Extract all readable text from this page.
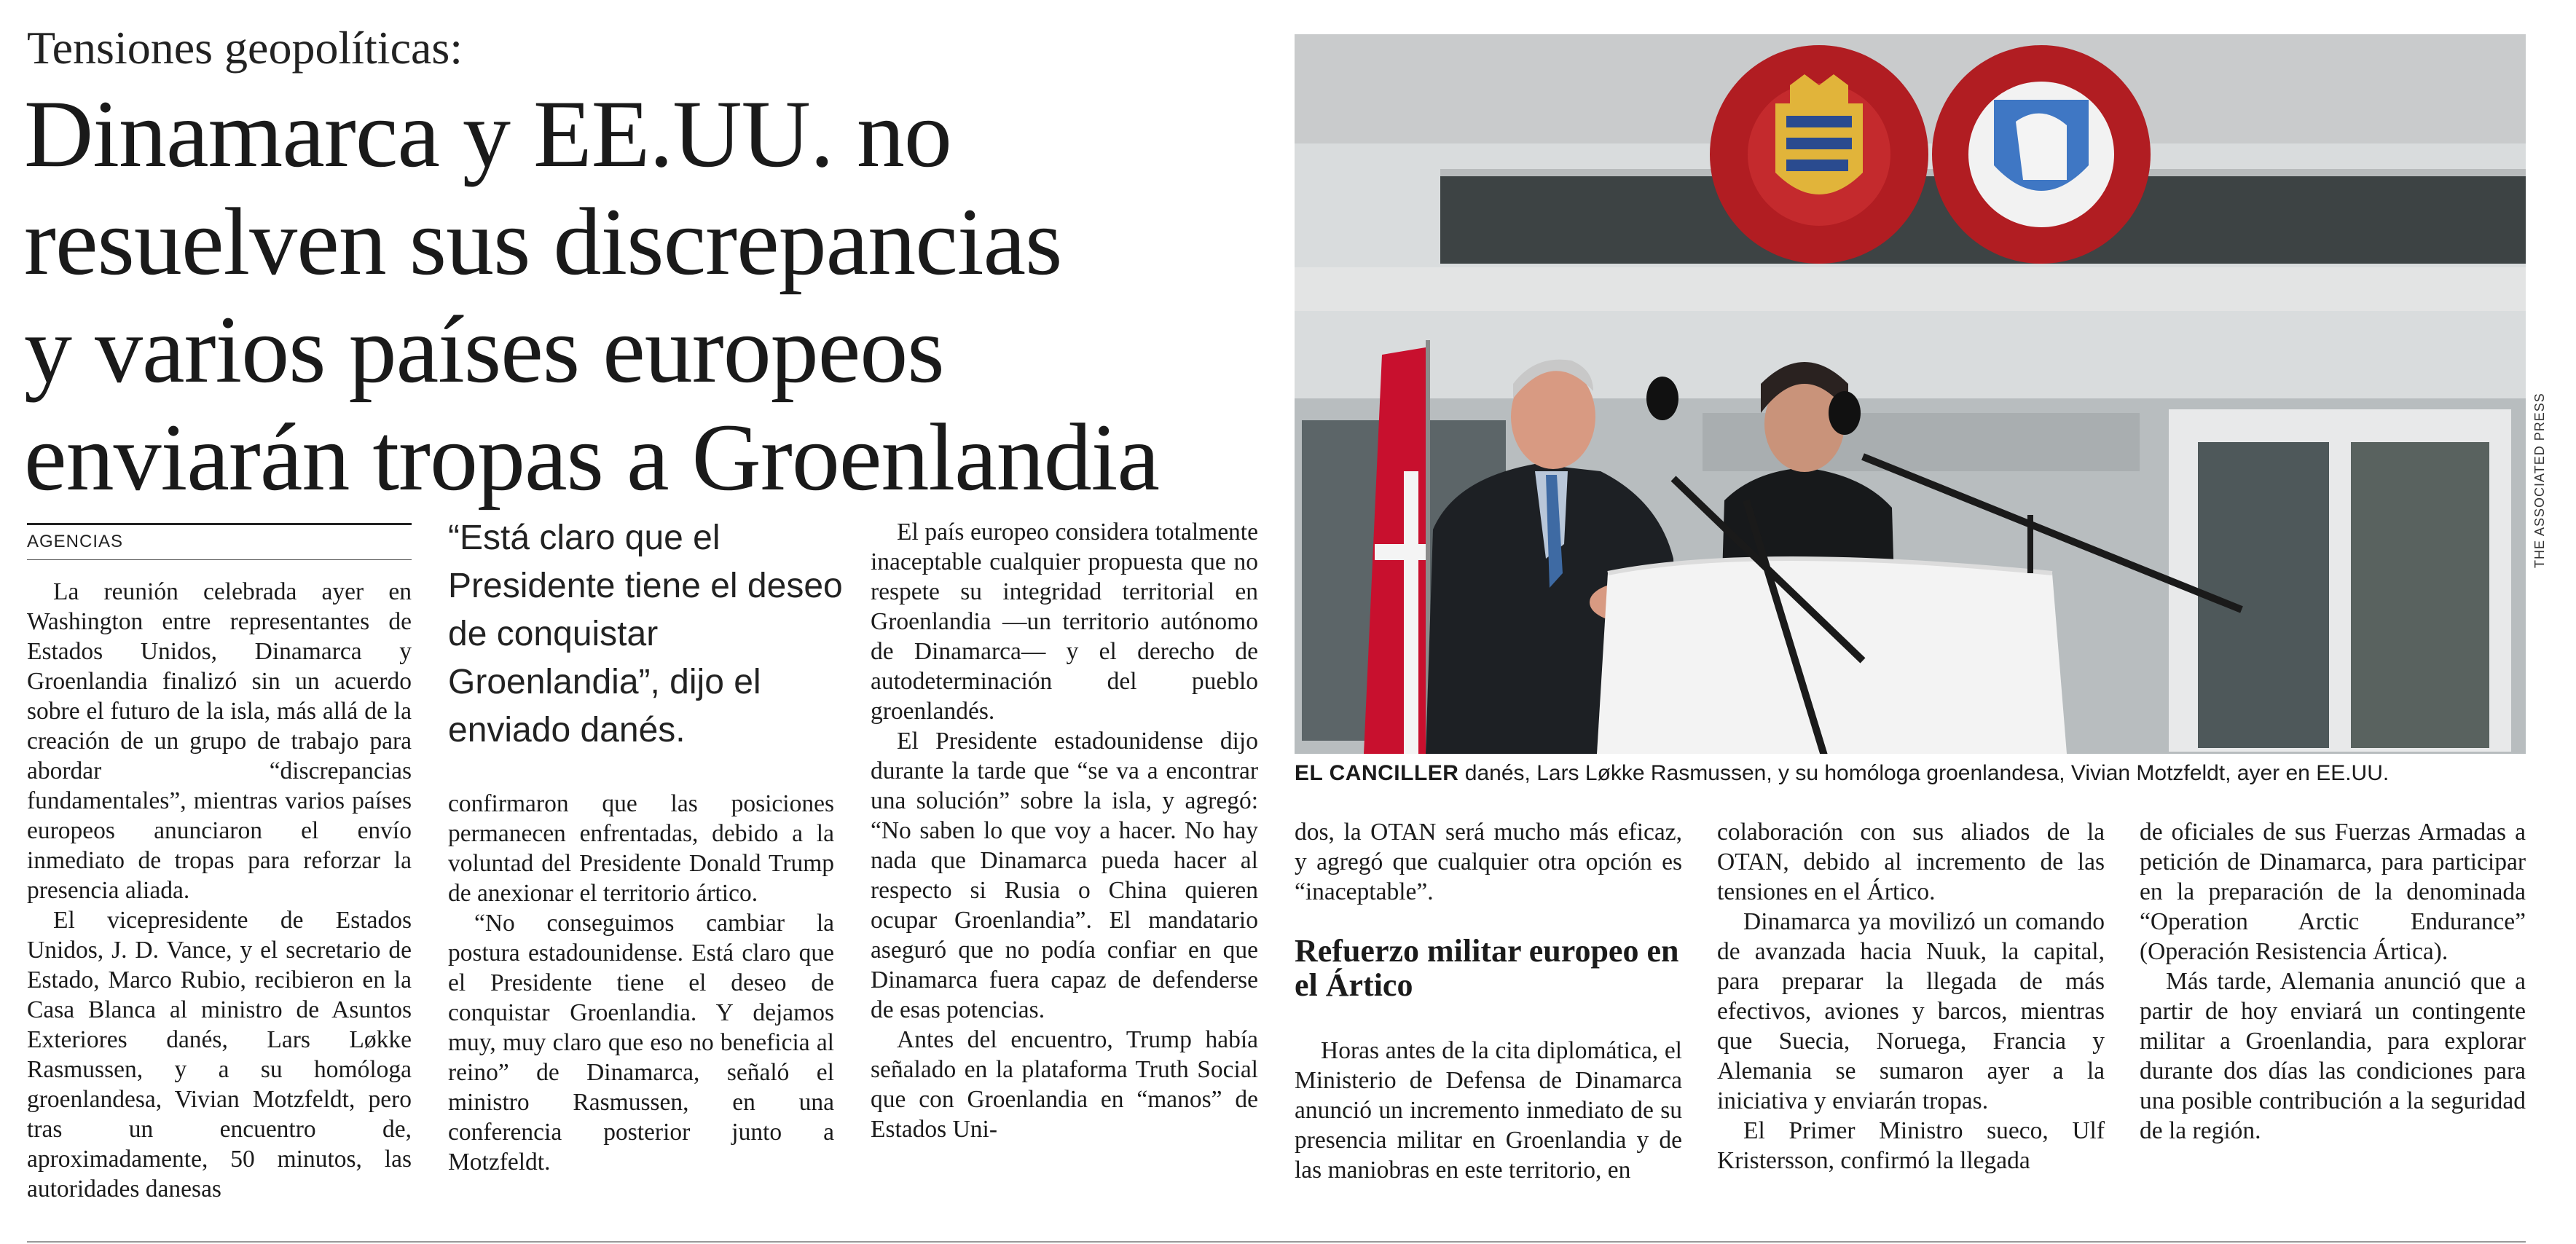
Tensiones geopolíticas:
Dinamarca y EE.UU. no
resuelven sus discrepancias
y varios países europeos
enviarán tropas a Groenlandia
AGENCIAS

La reunión celebrada ayer en Washington entre representantes de Estados Unidos, Dinamarca y Groenlandia finalizó sin un acuerdo sobre el futuro de la isla, más allá de la creación de un grupo de trabajo para abordar “discrepancias fundamentales”, mientras varios países europeos anunciaron el envío inmediato de tropas para reforzar la presencia aliada.

El vicepresidente de Estados Unidos, J. D. Vance, y el secretario de Estado, Marco Rubio, recibieron en la Casa Blanca al ministro de Asuntos Exteriores danés, Lars Løkke Rasmussen, y a su homóloga groenlandesa, Vivian Motzfeldt, pero tras un encuentro de, aproximadamente, 50 minutos, las autoridades danesas

“Está claro que el Presidente tiene el deseo de conquistar Groenlandia”, dijo el enviado danés.

confirmaron que las posiciones permanecen enfrentadas, debido a la voluntad del Presidente Donald Trump de anexionar el territorio ártico.

“No conseguimos cambiar la postura estadounidense. Está claro que el Presidente tiene el deseo de conquistar Groenlandia. Y dejamos muy, muy claro que eso no beneficia al reino” de Dinamarca, señaló el ministro Rasmussen, en una conferencia posterior junto a Motzfeldt.

El país europeo considera totalmente inaceptable cualquier propuesta que no respete su integridad territorial en Groenlandia —un territorio autónomo de Dinamarca— y el derecho de autodeterminación del pueblo groenlandés.

El Presidente estadounidense dijo durante la tarde que “se va a encontrar una solución” sobre la isla, y agregó: “No saben lo que voy a hacer. No hay nada que Dinamarca pueda hacer al respecto si Rusia o China quieren ocupar Groenlandia”. El mandatario aseguró que no podía confiar en que Dinamarca fuera capaz de defenderse de esas potencias.

Antes del encuentro, Trump había señalado en la plataforma Truth Social que con Groenlandia en “manos” de Estados Uni-

THE ASSOCIATED PRESS
EL CANCILLER danés, Lars Løkke Rasmussen, y su homóloga groenlandesa, Vivian Motzfeldt, ayer en EE.UU.

dos, la OTAN será mucho más eficaz, y agregó que cualquier otra opción es “inaceptable”.

Refuerzo militar europeo en el Ártico

Horas antes de la cita diplomática, el Ministerio de Defensa de Dinamarca anunció un incremento inmediato de su presencia militar en Groenlandia y de las maniobras en este territorio, en

colaboración con sus aliados de la OTAN, debido al incremento de las tensiones en el Ártico.

Dinamarca ya movilizó un comando de avanzada hacia Nuuk, la capital, para preparar la llegada de más efectivos, aviones y barcos, mientras que Suecia, Noruega, Francia y Alemania se sumaron ayer a la iniciativa y enviarán tropas.

El Primer Ministro sueco, Ulf Kristersson, confirmó la llegada

de oficiales de sus Fuerzas Armadas a petición de Dinamarca, para participar en la preparación de la denominada “Operation Arctic Endurance” (Operación Resistencia Ártica).

Más tarde, Alemania anunció que a partir de hoy enviará un contingente militar a Groenlandia, para explorar durante dos días las condiciones para una posible contribución a la seguridad de la región.
